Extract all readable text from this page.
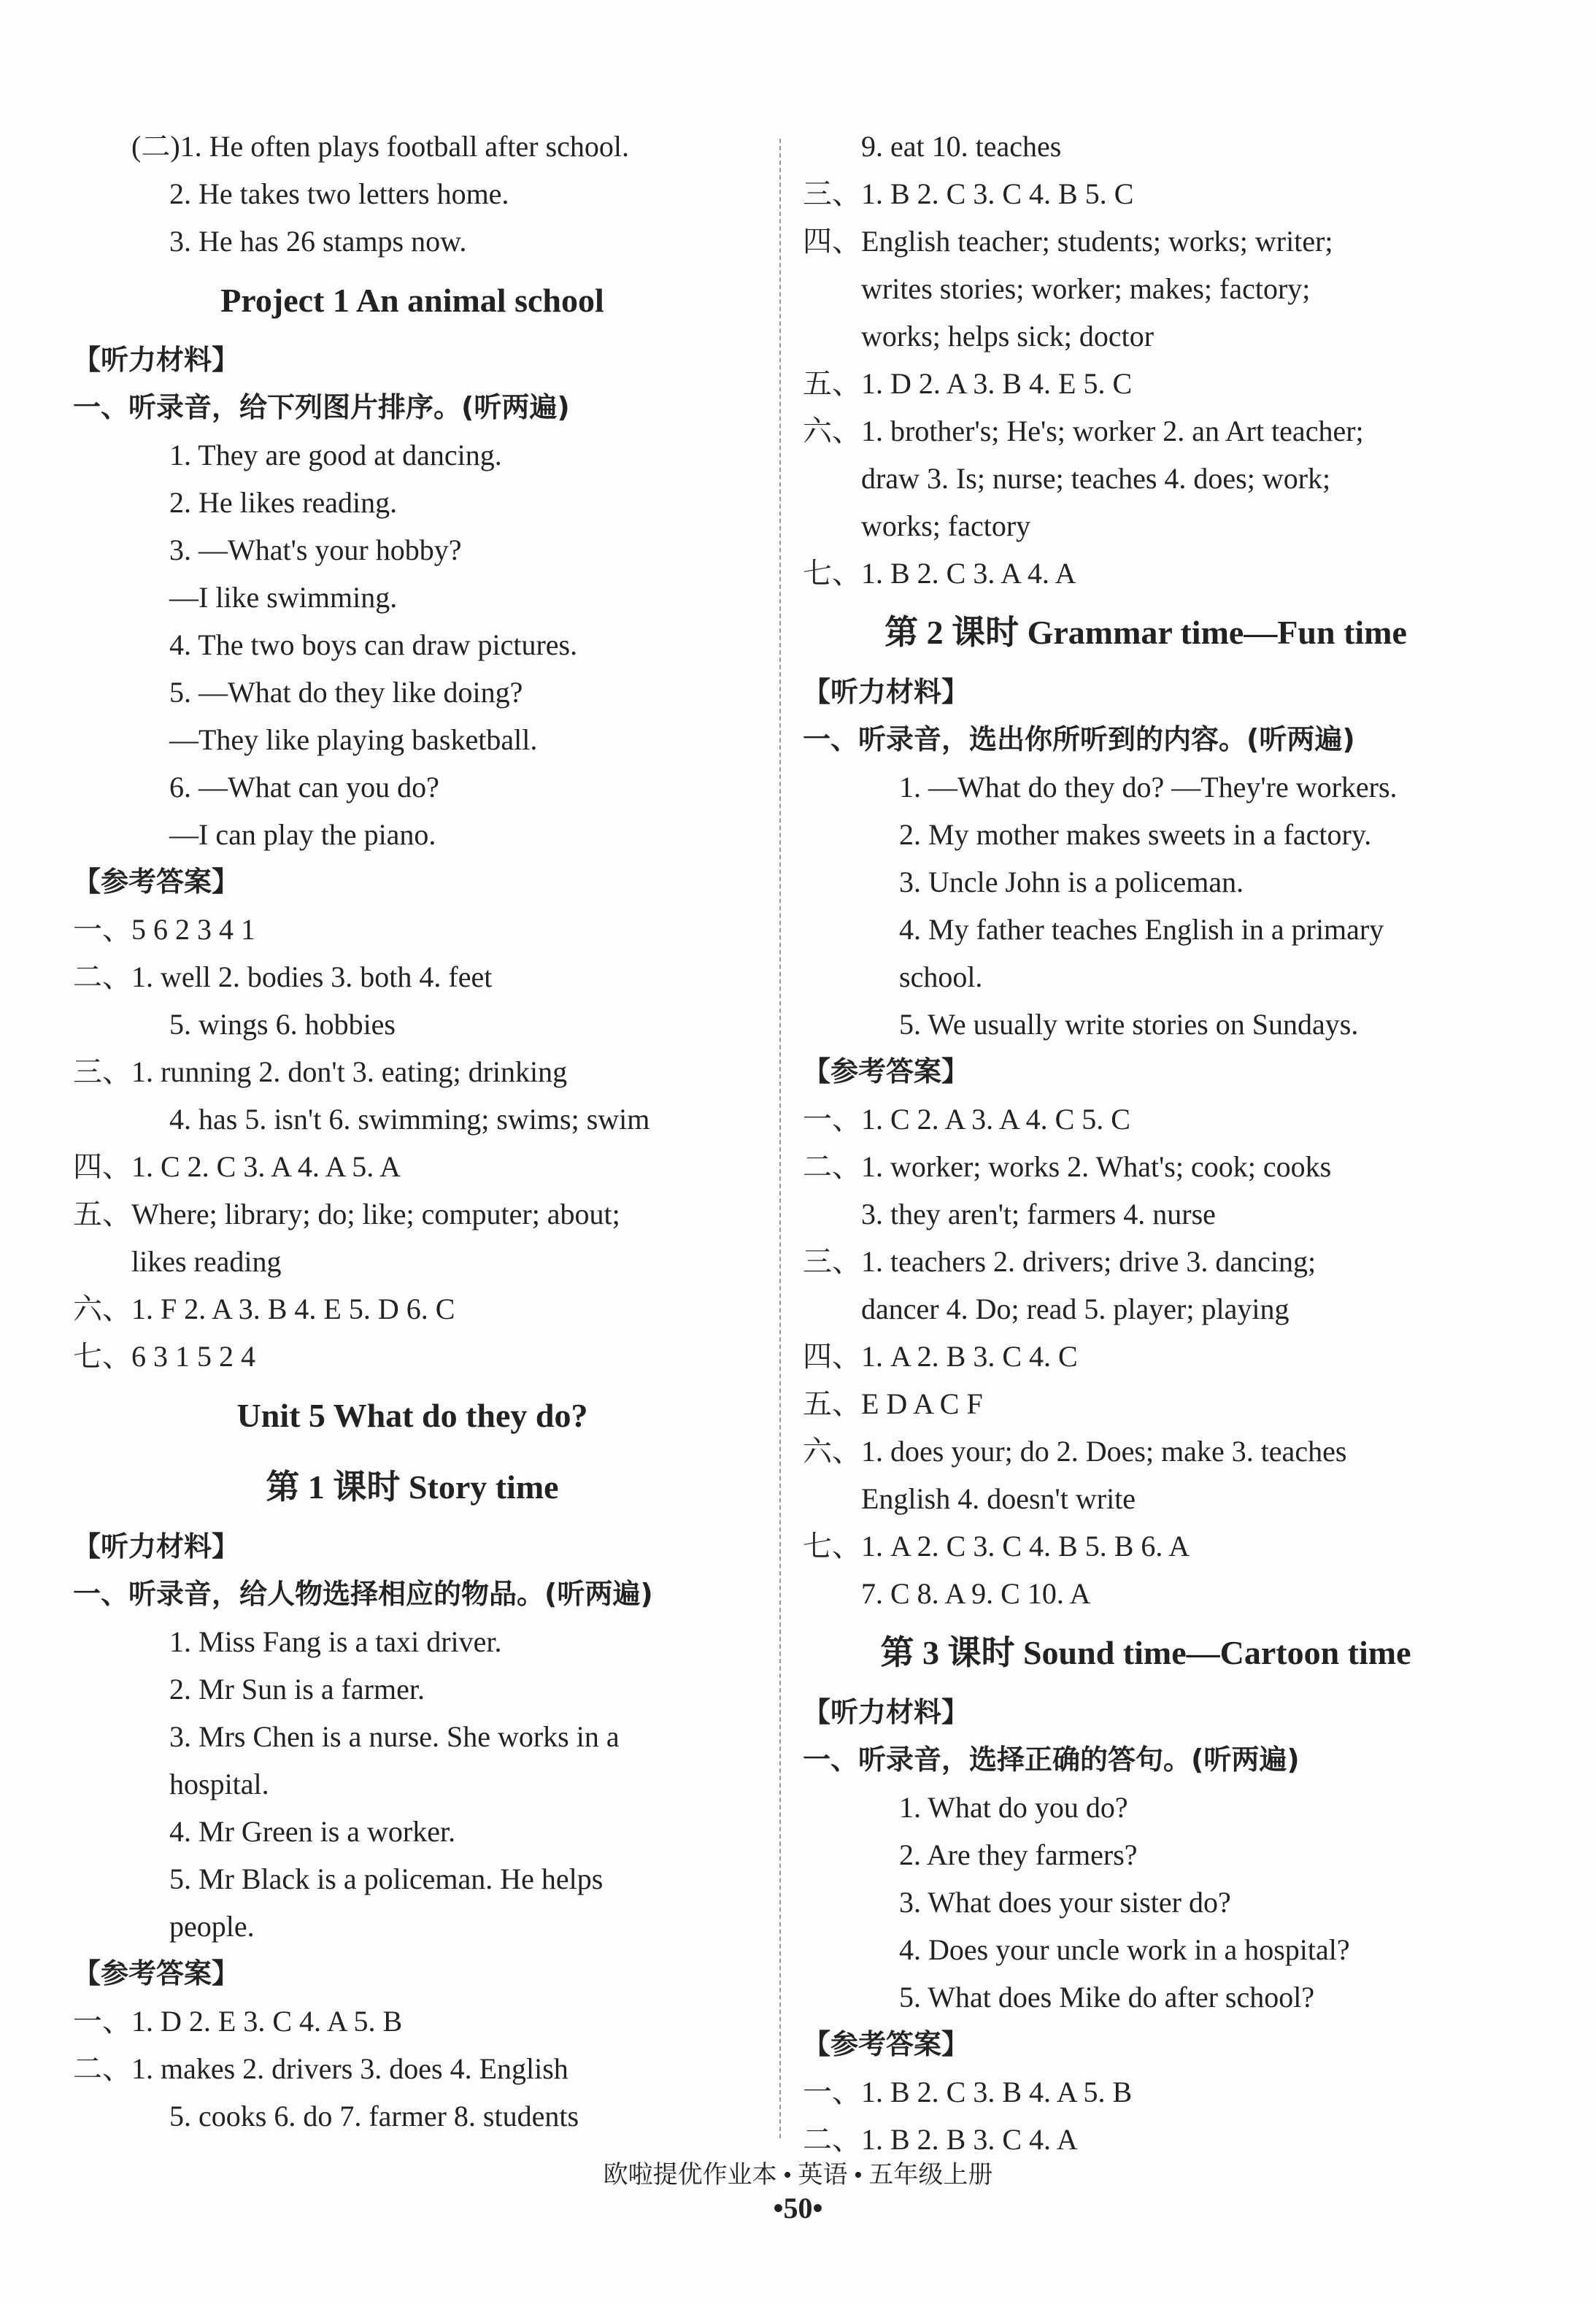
(二)1. He often plays football after school.
2. He takes two letters home.
3. He has 26 stamps now.
Project 1 An animal school
【听力材料】
一、听录音，给下列图片排序。(听两遍)
1. They are good at dancing.
2. He likes reading.
3. —What's your hobby?
—I like swimming.
4. The two boys can draw pictures.
5. —What do they like doing?
—They like playing basketball.
6. —What can you do?
—I can play the piano.
【参考答案】
一、5 6 2 3 4 1
二、1. well 2. bodies 3. both 4. feet
5. wings 6. hobbies
三、1. running 2. don't 3. eating; drinking
4. has 5. isn't 6. swimming; swims; swim
四、1. C 2. C 3. A 4. A 5. A
五、Where; library; do; like; computer; about;
likes reading
六、1. F 2. A 3. B 4. E 5. D 6. C
七、6 3 1 5 2 4
Unit 5 What do they do?
第 1 课时 Story time
【听力材料】
一、听录音，给人物选择相应的物品。(听两遍)
1. Miss Fang is a taxi driver.
2. Mr Sun is a farmer.
3. Mrs Chen is a nurse. She works in a
hospital.
4. Mr Green is a worker.
5. Mr Black is a policeman. He helps
people.
【参考答案】
一、1. D 2. E 3. C 4. A 5. B
二、1. makes 2. drivers 3. does 4. English
5. cooks 6. do 7. farmer 8. students
9. eat 10. teaches
三、1. B 2. C 3. C 4. B 5. C
四、English teacher; students; works; writer;
writes stories; worker; makes; factory;
works; helps sick; doctor
五、1. D 2. A 3. B 4. E 5. C
六、1. brother's; He's; worker 2. an Art teacher;
draw 3. Is; nurse; teaches 4. does; work;
works; factory
七、1. B 2. C 3. A 4. A
第 2 课时 Grammar time—Fun time
【听力材料】
一、听录音，选出你所听到的内容。(听两遍)
1. —What do they do? —They're workers.
2. My mother makes sweets in a factory.
3. Uncle John is a policeman.
4. My father teaches English in a primary
school.
5. We usually write stories on Sundays.
【参考答案】
一、1. C 2. A 3. A 4. C 5. C
二、1. worker; works 2. What's; cook; cooks
3. they aren't; farmers 4. nurse
三、1. teachers 2. drivers; drive 3. dancing;
dancer 4. Do; read 5. player; playing
四、1. A 2. B 3. C 4. C
五、E D A C F
六、1. does your; do 2. Does; make 3. teaches
English 4. doesn't write
七、1. A 2. C 3. C 4. B 5. B 6. A
7. C 8. A 9. C 10. A
第 3 课时 Sound time—Cartoon time
【听力材料】
一、听录音，选择正确的答句。(听两遍)
1. What do you do?
2. Are they farmers?
3. What does your sister do?
4. Does your uncle work in a hospital?
5. What does Mike do after school?
【参考答案】
一、1. B 2. C 3. B 4. A 5. B
二、1. B 2. B 3. C 4. A
欧啦提优作业本 • 英语 • 五年级上册
•50•
